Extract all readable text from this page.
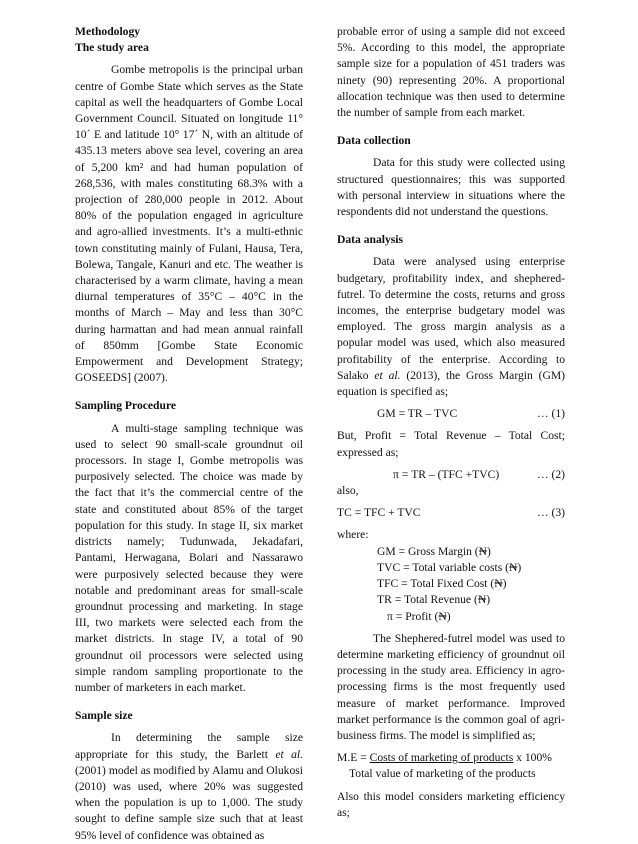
Methodology

The study area

Gombe metropolis is the principal urban centre of Gombe State which serves as the State capital as well the headquarters of Gombe Local Government Council. Situated on longitude 11° 10´ E and latitude 10° 17´ N, with an altitude of 435.13 meters above sea level, covering an area of 5,200 km² and had human population of 268,536, with males constituting 68.3% with a projection of 280,000 people in 2012. About 80% of the population engaged in agriculture and agro-allied investments. It’s a multi-ethnic town constituting mainly of Fulani, Hausa, Tera, Bolewa, Tangale, Kanuri and etc. The weather is characterised by a warm climate, having a mean diurnal temperatures of 35°C – 40°C in the months of March – May and less than 30°C during harmattan and had mean annual rainfall of 850mm [Gombe State Economic Empowerment and Development Strategy; GOSEEDS] (2007).

Sampling Procedure

A multi-stage sampling technique was used to select 90 small-scale groundnut oil processors. In stage I, Gombe metropolis was purposively selected. The choice was made by the fact that it’s the commercial centre of the state and constituted about 85% of the target population for this study. In stage II, six market districts namely; Tudunwada, Jekadafari, Pantami, Herwagana, Bolari and Nassarawo were purposively selected because they were notable and predominant areas for small-scale groundnut processing and marketing. In stage III, two markets were selected each from the market districts. In stage IV, a total of 90 groundnut oil processors were selected using simple random sampling proportionate to the number of marketers in each market.

Sample size

In determining the sample size appropriate for this study, the Barlett et al. (2001) model as modified by Alamu and Olukosi (2010) was used, where 20% was suggested when the population is up to 1,000. The study sought to define sample size such that at least 95% level of confidence was obtained as

probable error of using a sample did not exceed 5%. According to this model, the appropriate sample size for a population of 451 traders was ninety (90) representing 20%. A proportional allocation technique was then used to determine the number of sample from each market.

Data collection

Data for this study were collected using structured questionnaires; this was supported with personal interview in situations where the respondents did not understand the questions.

Data analysis

Data were analysed using enterprise budgetary, profitability index, and shephered-futrel. To determine the costs, returns and gross incomes, the enterprise budgetary model was employed. The gross margin analysis as a popular model was used, which also measured profitability of the enterprise. According to Salako et al. (2013), the Gross Margin (GM) equation is specified as;

GM = TR – TVC	… (1)

But, Profit = Total Revenue – Total Cost; expressed as;

π = TR – (TFC +TVC)	… (2)

also,

TC = TFC + TVC	… (3)

where:

GM = Gross Margin (₦)
TVC = Total variable costs (₦)
TFC = Total Fixed Cost (₦)
TR = Total Revenue (₦)
π = Profit (₦)

The Shephered-futrel model was used to determine marketing efficiency of groundnut oil processing in the study area. Efficiency in agro-processing firms is the most frequently used measure of market performance. Improved market performance is the common goal of agri-business firms. The model is simplified as;

M.E = Costs of marketing of products x 100%
Total value of marketing of the products

Also this model considers marketing efficiency as;
